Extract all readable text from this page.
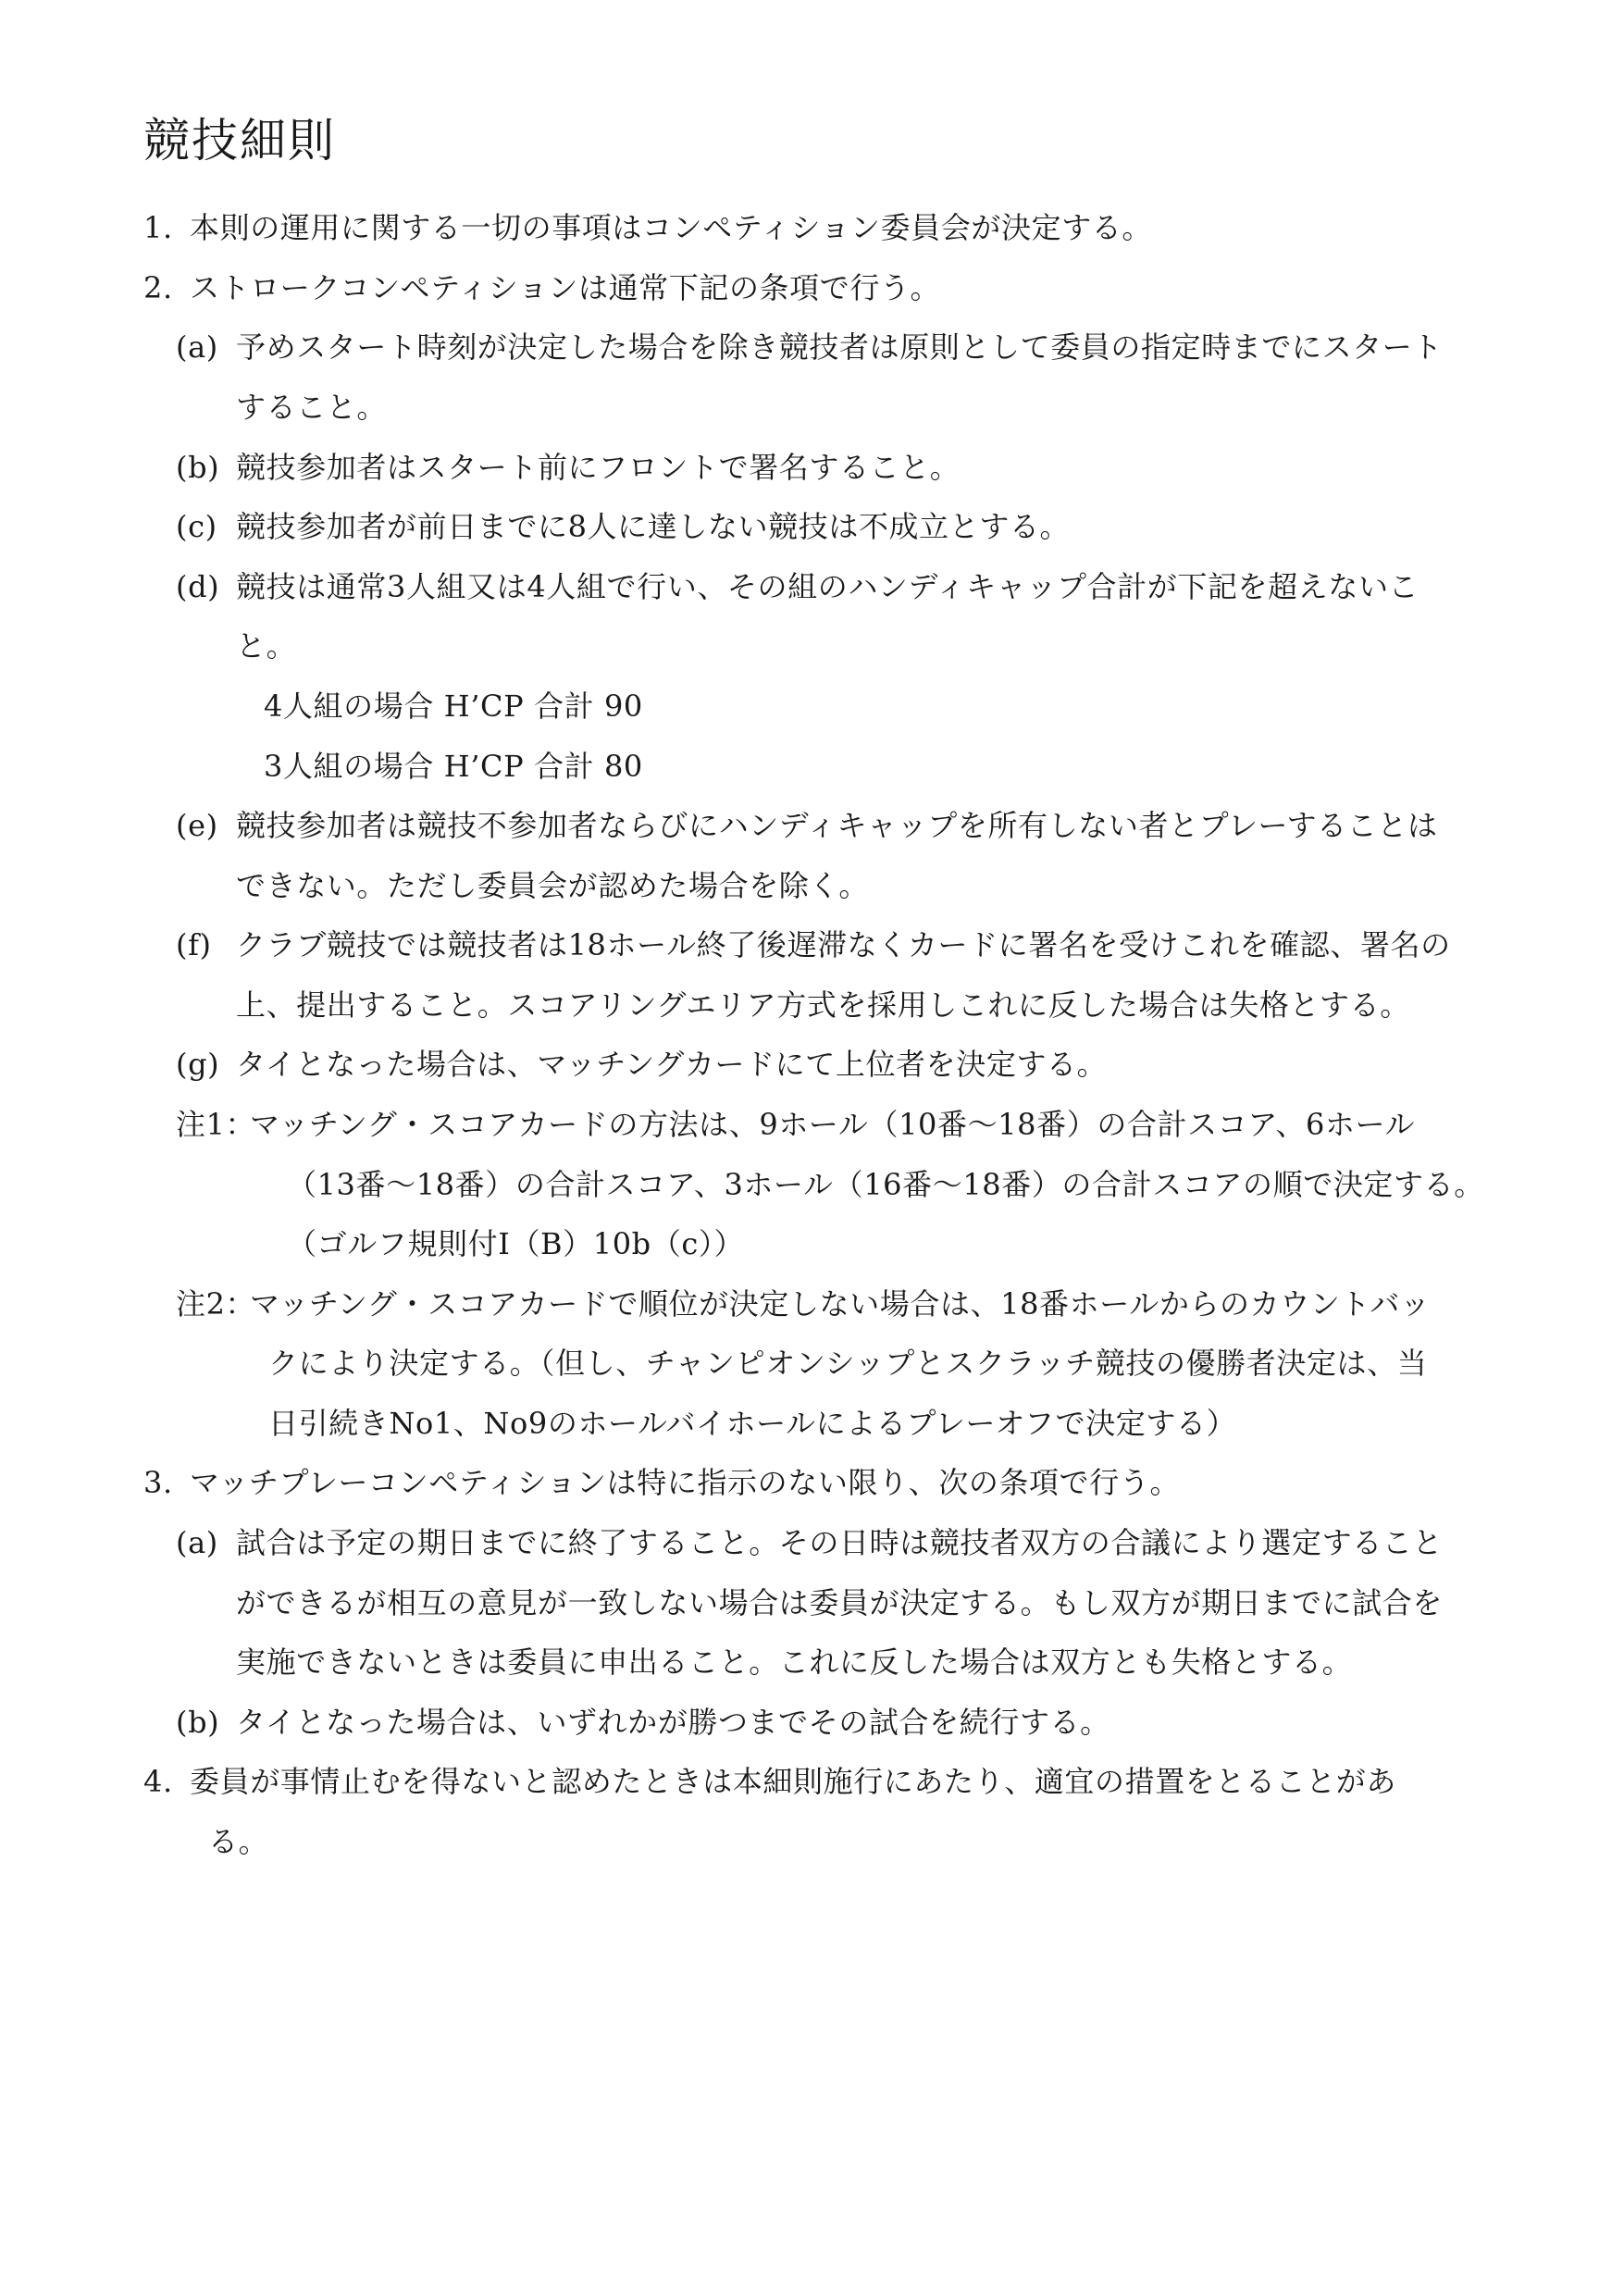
競技細則
1. 本則の運用に関する一切の事項はコンペティション委員会が決定する。
2. ストロークコンペティションは通常下記の条項で行う。
(a) 予めスタート時刻が決定した場合を除き競技者は原則として委員の指定時までにスタート
すること。
(b) 競技参加者はスタート前にフロントで署名すること。
(c) 競技参加者が前日までに8人に達しない競技は不成立とする。
(d) 競技は通常3人組又は4人組で行い、その組のハンディキャップ合計が下記を超えないこ
と。
4人組の場合 H’CP 合計 90
3人組の場合 H’CP 合計 80
(e) 競技参加者は競技不参加者ならびにハンディキャップを所有しない者とプレーすることは
できない。ただし委員会が認めた場合を除く。
(f) クラブ競技では競技者は18ホール終了後遅滞なくカードに署名を受けこれを確認、署名の
上、提出すること。スコアリングエリア方式を採用しこれに反した場合は失格とする。
(g) タイとなった場合は、マッチングカードにて上位者を決定する。
注1：マッチング・スコアカードの方法は、9ホール（10番～18番）の合計スコア、6ホール
（13番～18番）の合計スコア、3ホール（16番～18番）の合計スコアの順で決定する。
（ゴルフ規則付I（B）10b（c））
注2：マッチング・スコアカードで順位が決定しない場合は、18番ホールからのカウントバッ
クにより決定する。（但し、チャンピオンシップとスクラッチ競技の優勝者決定は、当
日引続きNo1、No9のホールバイホールによるプレーオフで決定する）
3. マッチプレーコンペティションは特に指示のない限り、次の条項で行う。
(a) 試合は予定の期日までに終了すること。その日時は競技者双方の合議により選定すること
ができるが相互の意見が一致しない場合は委員が決定する。もし双方が期日までに試合を
実施できないときは委員に申出ること。これに反した場合は双方とも失格とする。
(b) タイとなった場合は、いずれかが勝つまでその試合を続行する。
4. 委員が事情止むを得ないと認めたときは本細則施行にあたり、適宜の措置をとることがあ
る。
